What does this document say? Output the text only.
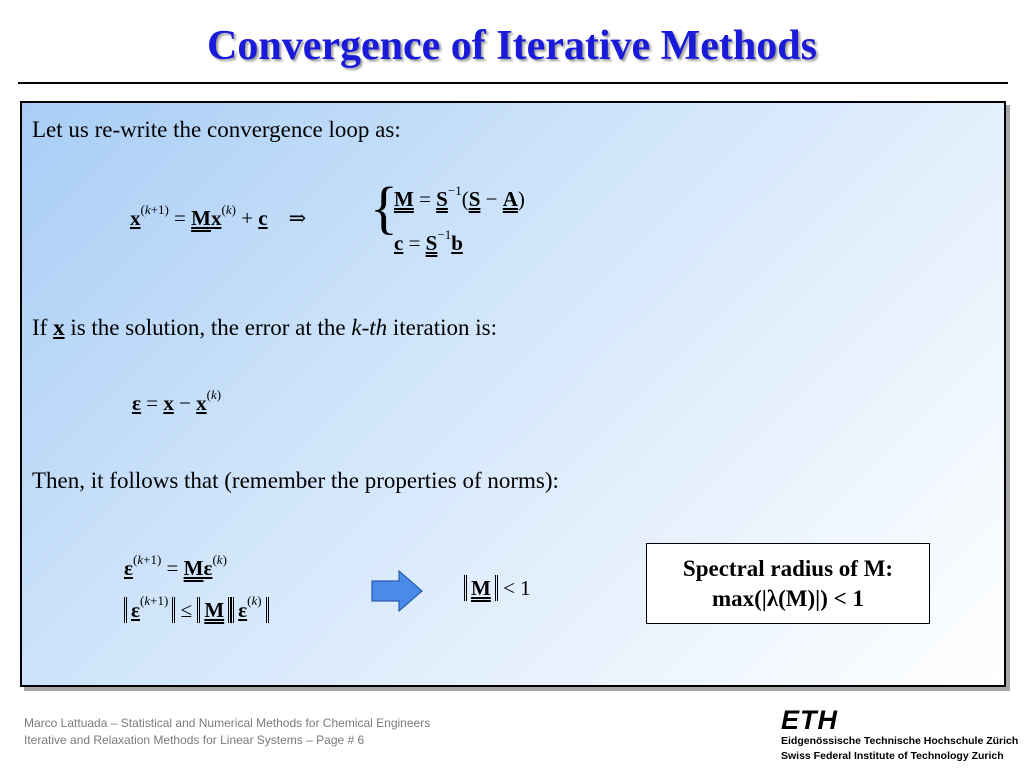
Convergence of Iterative Methods
Let us re-write the convergence loop as:
$x^{(k+1)} = Mx^{(k)} + c$    ⇒ {
$M = S^{-1}(S - A)$
$c = S^{-1}b$
If x is the solution, the error at the k-th iteration is:
$\varepsilon = x - x^{(k)}$
Then, it follows that (remember the properties of norms):
$\varepsilon^{(k+1)} = M\varepsilon^{(k)}$
$\varepsilon^{(k+1)} \le M$ $\varepsilon^{(k)}$
M < 1
Spectral radius of M:
max(|λ(M)|) < 1
Marco Lattuada – Statistical and Numerical Methods for Chemical Engineers
Iterative and Relaxation Methods for Linear Systems – Page # 6
ETH
Eidgenössische Technische Hochschule Zürich
Swiss Federal Institute of Technology Zurich
